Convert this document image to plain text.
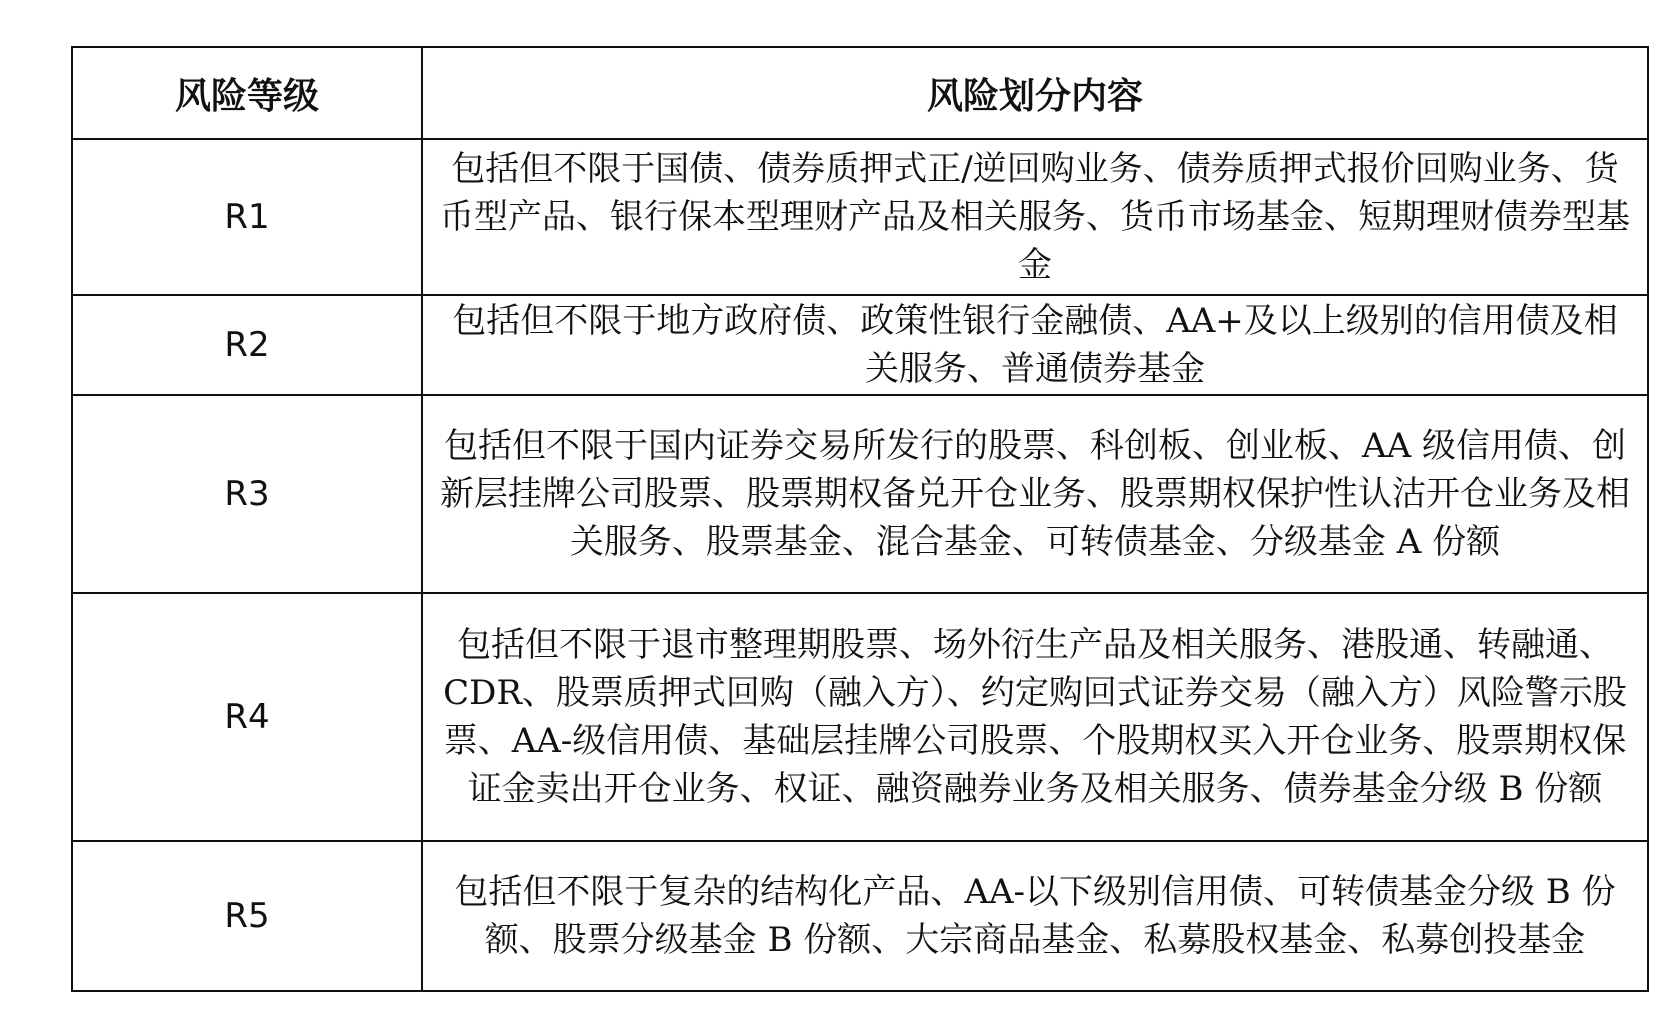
风险等级	风险划分内容
R1	包括但不限于国债、债券质押式正/逆回购业务、债券质押式报价回购业务、货币型产品、银行保本型理财产品及相关服务、货币市场基金、短期理财债券型基金
R2	包括但不限于地方政府债、政策性银行金融债、AA+及以上级别的信用债及相关服务、普通债券基金
R3	包括但不限于国内证券交易所发行的股票、科创板、创业板、AA 级信用债、创新层挂牌公司股票、股票期权备兑开仓业务、股票期权保护性认沽开仓业务及相关服务、股票基金、混合基金、可转债基金、分级基金 A 份额
R4	包括但不限于退市整理期股票、场外衍生产品及相关服务、港股通、转融通、CDR、股票质押式回购（融入方）、约定购回式证券交易（融入方）风险警示股票、AA-级信用债、基础层挂牌公司股票、个股期权买入开仓业务、股票期权保证金卖出开仓业务、权证、融资融券业务及相关服务、债券基金分级 B 份额
R5	包括但不限于复杂的结构化产品、AA-以下级别信用债、可转债基金分级 B 份额、股票分级基金 B 份额、大宗商品基金、私募股权基金、私募创投基金
